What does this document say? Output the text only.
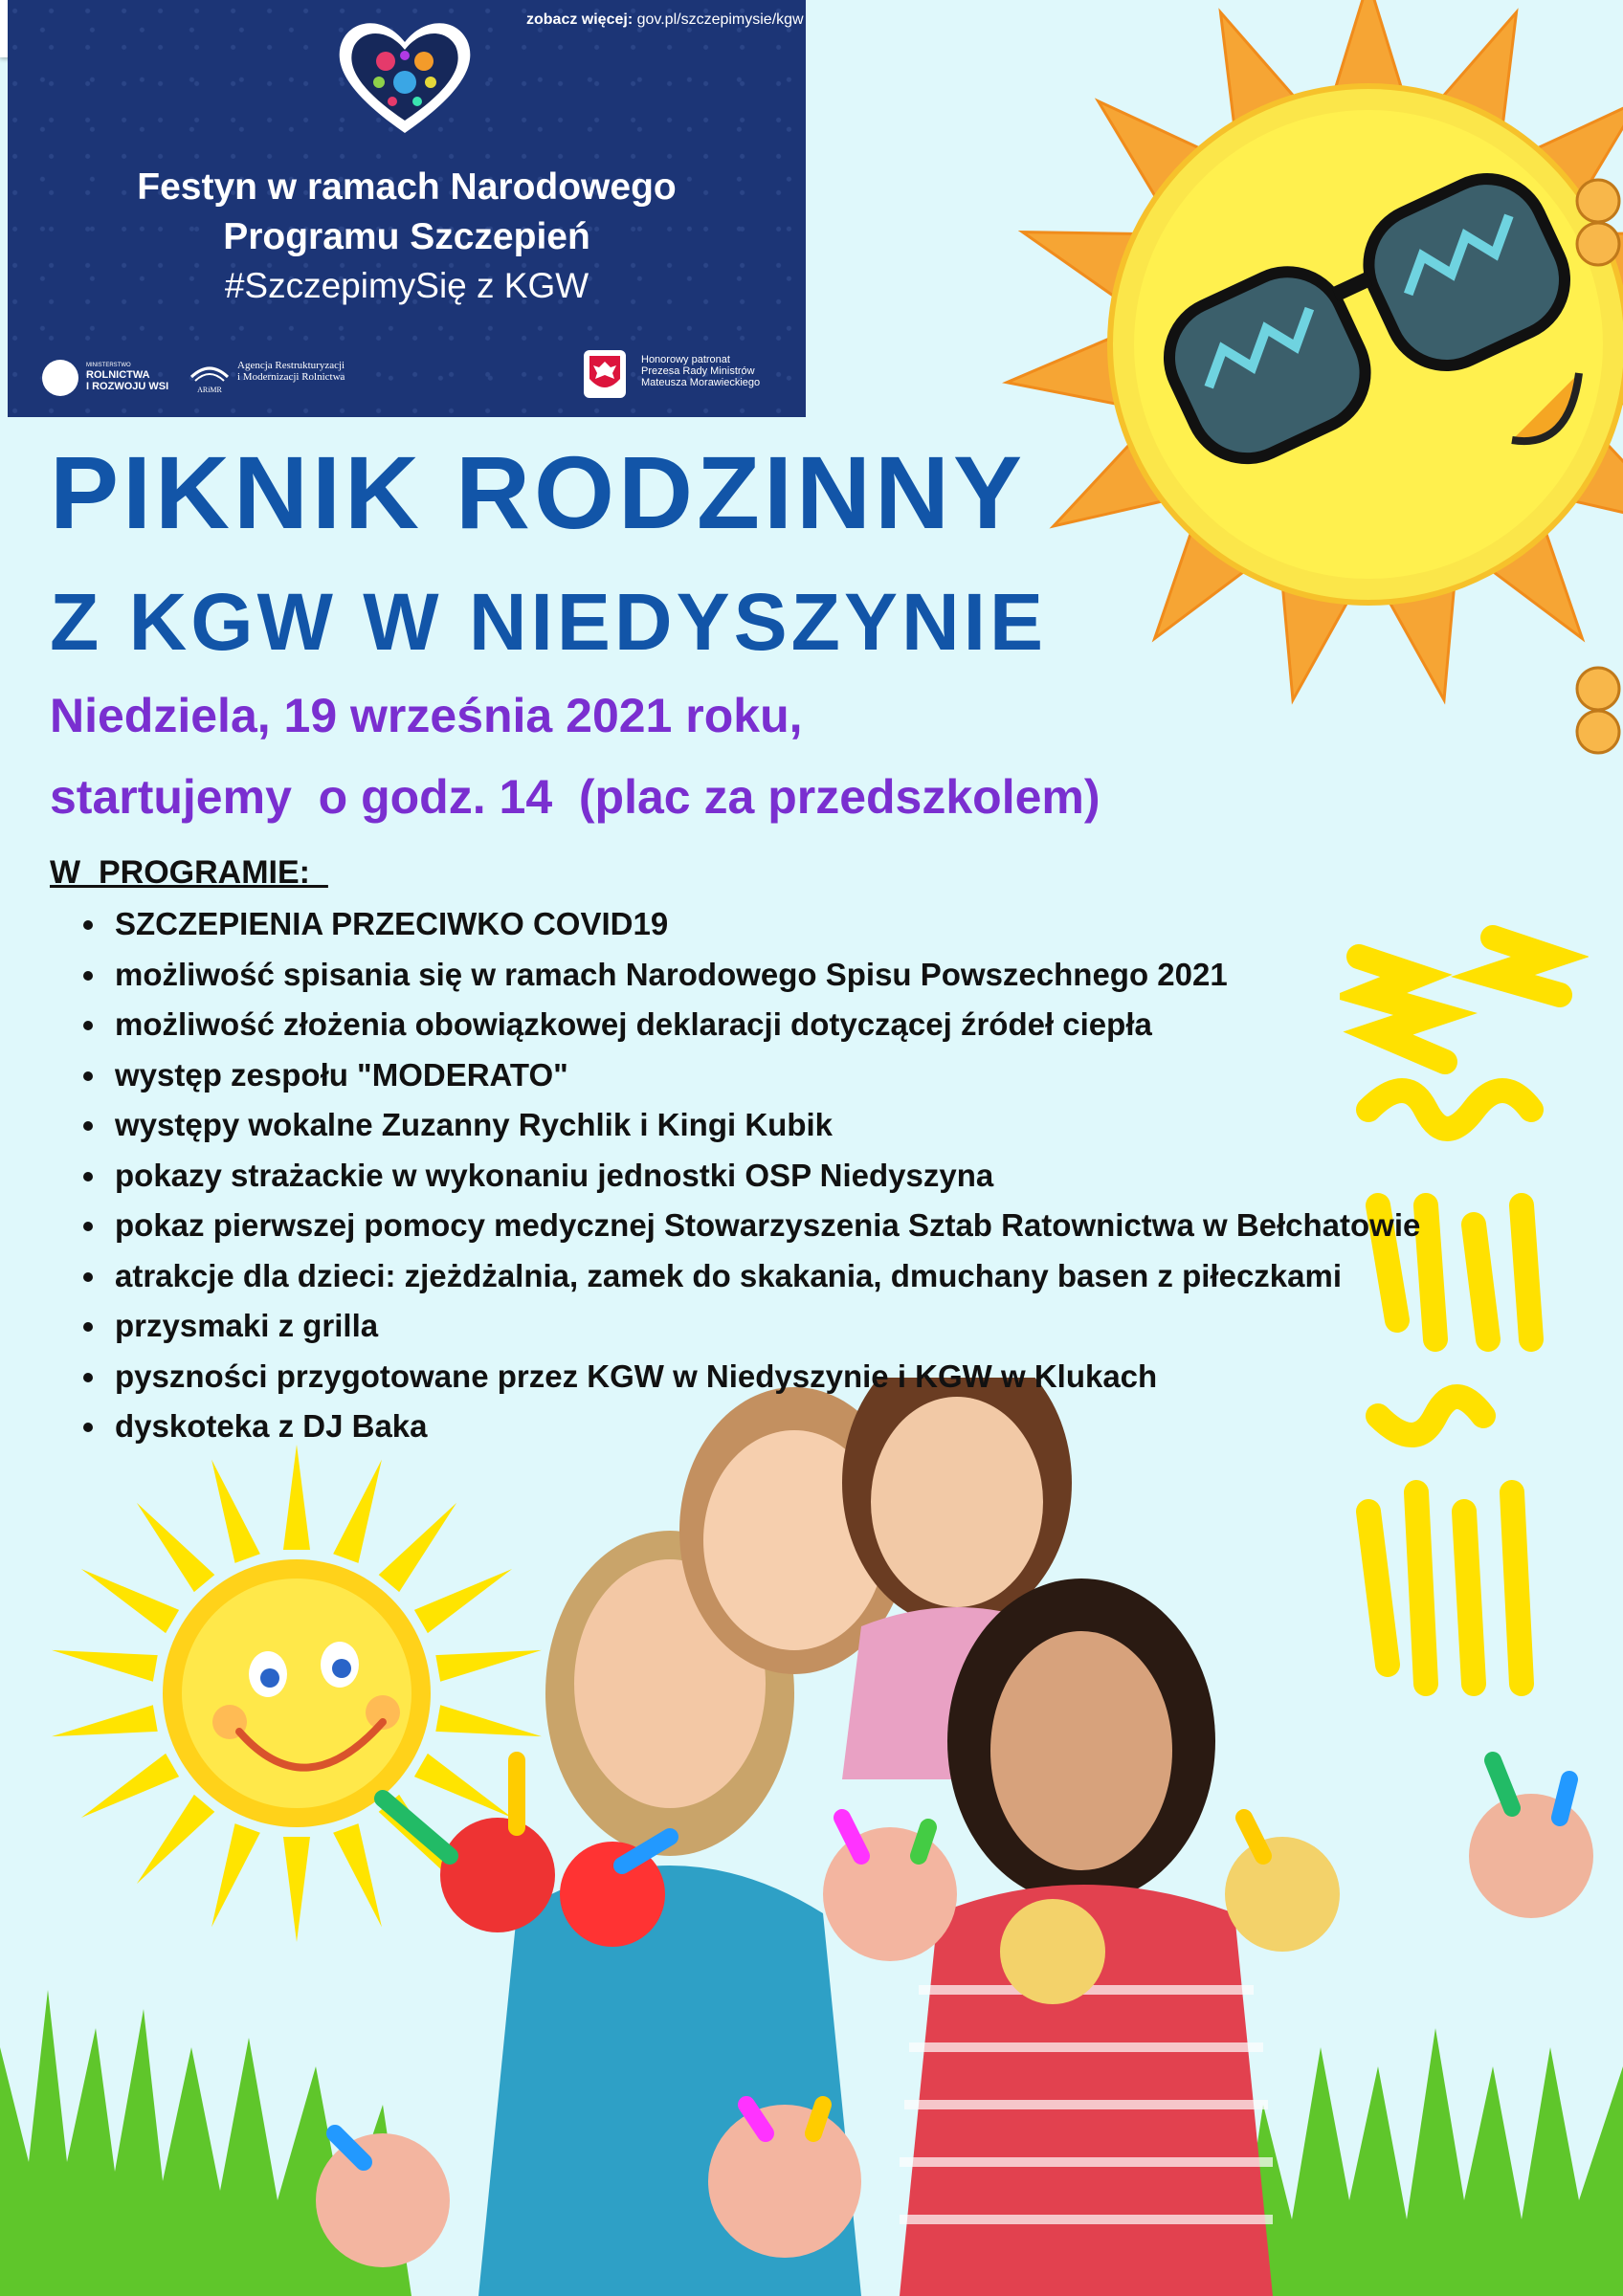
zobacz więcej: gov.pl/szczepimysie/kgw
Festyn w ramach Narodowego
Programu Szczepień
#SzczepimySię z KGW
MINISTERSTWO
ROLNICTWA
I ROZWOJU WSI	ARiMR
Agencja Restrukturyzacji
i Modernizacji Rolnictwa
Honorowy patronat
Prezesa Rady Ministrów
Mateusza Morawieckiego
PIKNIK RODZINNY
Z KGW W NIEDYSZYNIE
Niedziela, 19 września 2021 roku,
startujemy  o godz. 14  (plac za przedszkolem)
W  PROGRAMIE:
• SZCZEPIENIA PRZECIWKO COVID19
• możliwość spisania się w ramach Narodowego Spisu Powszechnego 2021
• możliwość złożenia obowiązkowej deklaracji dotyczącej źródeł ciepła
• występ zespołu "MODERATO"
• występy wokalne Zuzanny Rychlik i Kingi Kubik
• pokazy strażackie w wykonaniu jednostki OSP Niedyszyna
• pokaz pierwszej pomocy medycznej Stowarzyszenia Sztab Ratownictwa w Bełchatowie
• atrakcje dla dzieci: zjeżdżalnia, zamek do skakania, dmuchany basen z piłeczkami
• przysmaki z grilla
• pyszności przygotowane przez KGW w Niedyszynie i KGW w Klukach
• dyskoteka z DJ Baka
